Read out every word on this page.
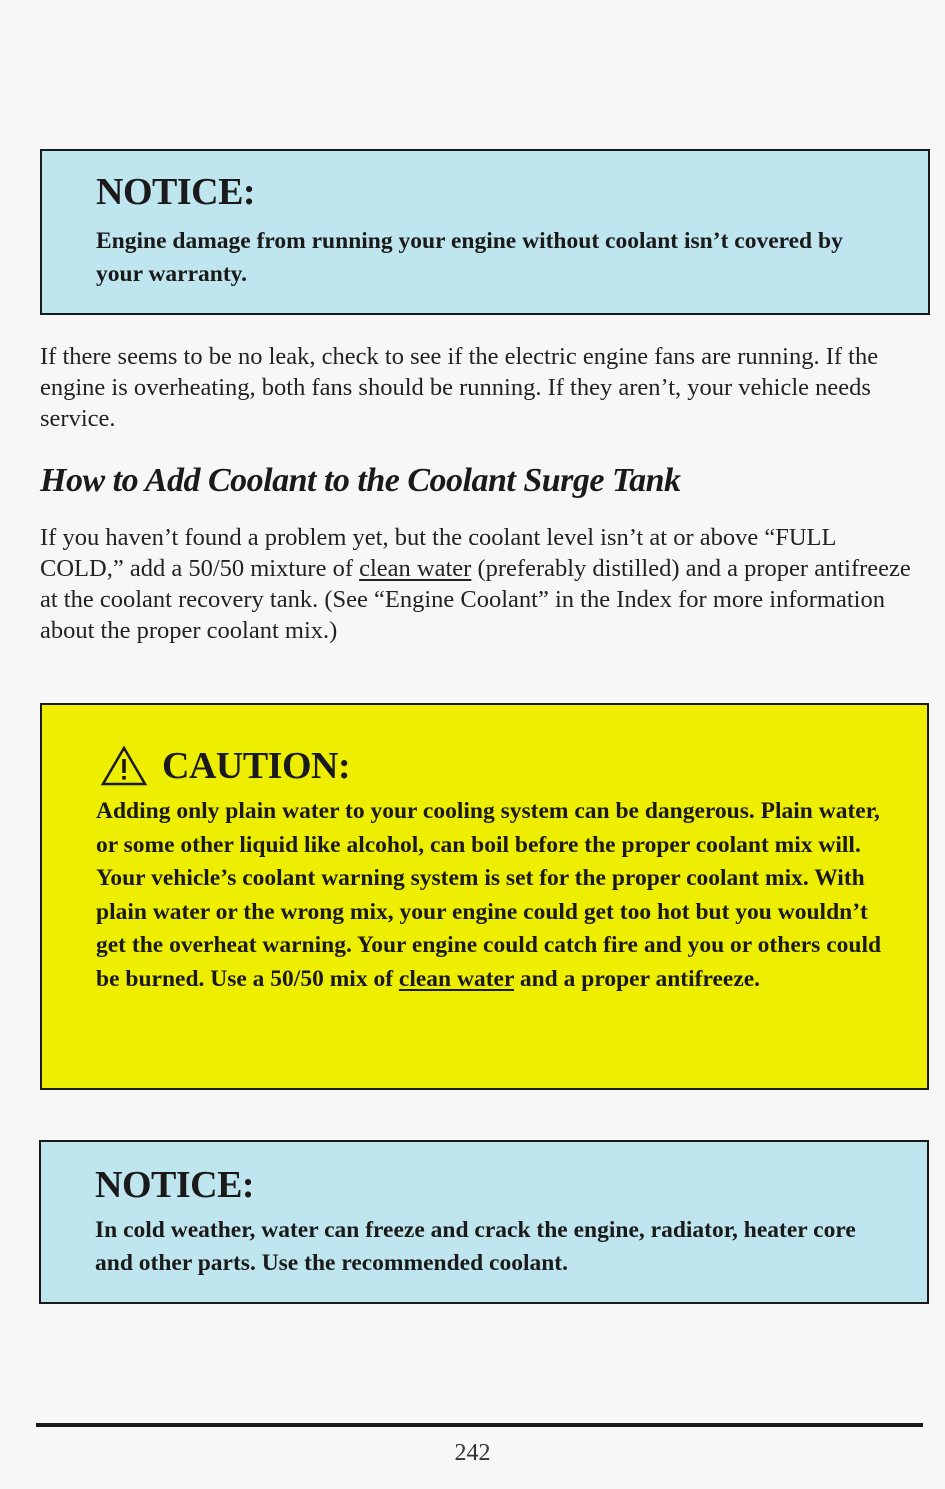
NOTICE:

Engine damage from running your engine without coolant isn’t covered by your warranty.

If there seems to be no leak, check to see if the electric engine fans are running. If the engine is overheating, both fans should be running. If they aren’t, your vehicle needs service.

How to Add Coolant to the Coolant Surge Tank

If you haven’t found a problem yet, but the coolant level isn’t at or above “FULL COLD,” add a 50/50 mixture of clean water (preferably distilled) and a proper antifreeze at the coolant recovery tank. (See “Engine Coolant” in the Index for more information about the proper coolant mix.)

CAUTION:

Adding only plain water to your cooling system can be dangerous. Plain water, or some other liquid like alcohol, can boil before the proper coolant mix will. Your vehicle’s coolant warning system is set for the proper coolant mix. With plain water or the wrong mix, your engine could get too hot but you wouldn’t get the overheat warning. Your engine could catch fire and you or others could be burned. Use a 50/50 mix of clean water and a proper antifreeze.

NOTICE:

In cold weather, water can freeze and crack the engine, radiator, heater core and other parts. Use the recommended coolant.

242
